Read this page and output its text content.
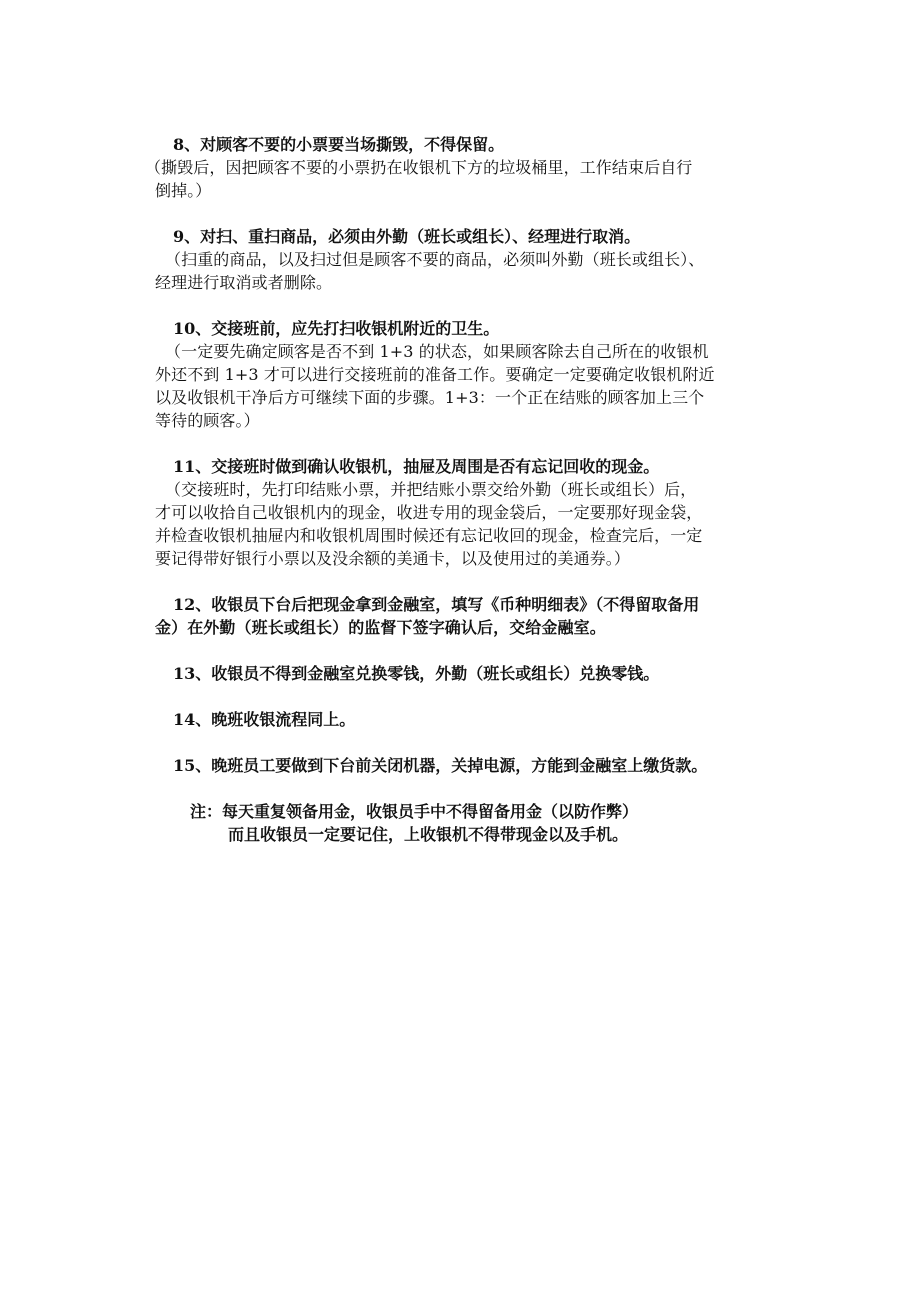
8、对顾客不要的小票要当场撕毁，不得保留。
（撕毁后，因把顾客不要的小票扔在收银机下方的垃圾桶里，工作结束后自行
倒掉。）
9、对扫、重扫商品，必须由外勤（班长或组长）、经理进行取消。
（扫重的商品，以及扫过但是顾客不要的商品，必须叫外勤（班长或组长）、
经理进行取消或者删除。
10、交接班前，应先打扫收银机附近的卫生。
（一定要先确定顾客是否不到 1+3 的状态，如果顾客除去自己所在的收银机
外还不到 1+3 才可以进行交接班前的准备工作。要确定一定要确定收银机附近
以及收银机干净后方可继续下面的步骤。1+3：一个正在结账的顾客加上三个
等待的顾客。）
11、交接班时做到确认收银机，抽屉及周围是否有忘记回收的现金。
（交接班时，先打印结账小票，并把结账小票交给外勤（班长或组长）后，
才可以收拾自己收银机内的现金，收进专用的现金袋后，一定要那好现金袋，
并检查收银机抽屉内和收银机周围时候还有忘记收回的现金，检查完后，一定
要记得带好银行小票以及没余额的美通卡，以及使用过的美通券。）
12、收银员下台后把现金拿到金融室，填写《币种明细表》（不得留取备用
金）在外勤（班长或组长）的监督下签字确认后，交给金融室。
13、收银员不得到金融室兑换零钱，外勤（班长或组长）兑换零钱。
14、晚班收银流程同上。
15、晚班员工要做到下台前关闭机器，关掉电源，方能到金融室上缴货款。
注：每天重复领备用金，收银员手中不得留备用金（以防作弊）
而且收银员一定要记住，上收银机不得带现金以及手机。
